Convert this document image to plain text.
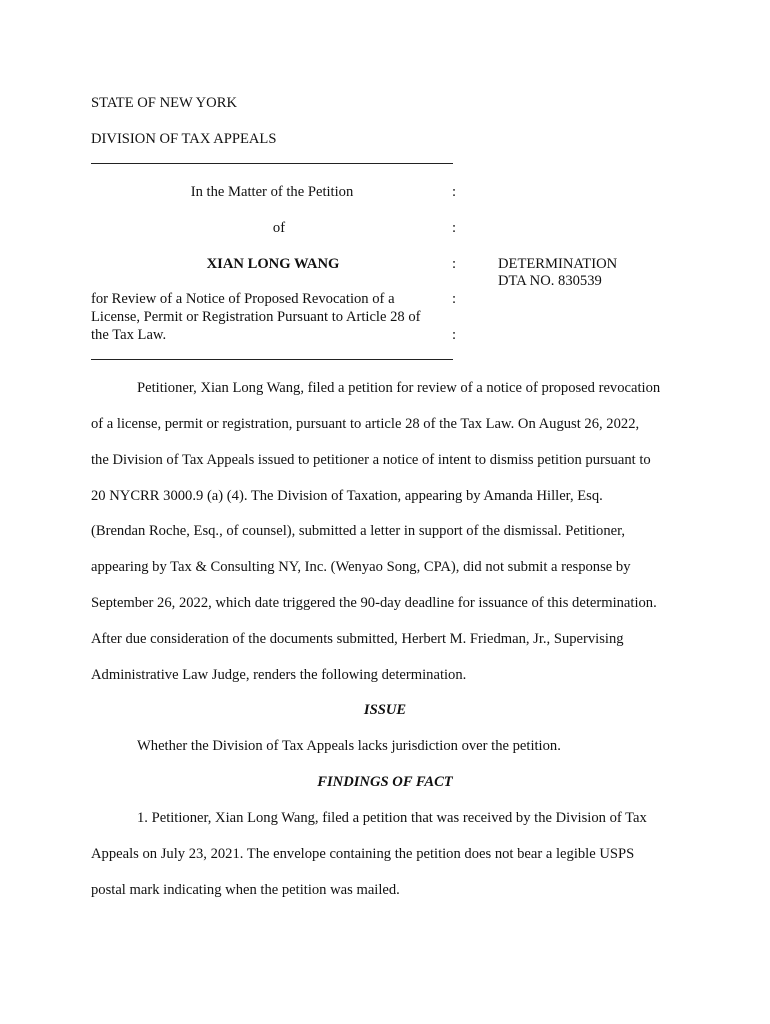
STATE OF NEW YORK
DIVISION OF TAX APPEALS
In the Matter of the Petition	:
of	:
XIAN LONG WANG	:	DETERMINATION
DTA NO. 830539
for Review of a Notice of Proposed Revocation of a	:
License, Permit or Registration Pursuant to Article 28 of
the Tax Law.	:
Petitioner, Xian Long Wang, filed a petition for review of a notice of proposed revocation
of a license, permit or registration, pursuant to article 28 of the Tax Law. On August 26, 2022,
the Division of Tax Appeals issued to petitioner a notice of intent to dismiss petition pursuant to
20 NYCRR 3000.9 (a) (4). The Division of Taxation, appearing by Amanda Hiller, Esq.
(Brendan Roche, Esq., of counsel), submitted a letter in support of the dismissal. Petitioner,
appearing by Tax & Consulting NY, Inc. (Wenyao Song, CPA), did not submit a response by
September 26, 2022, which date triggered the 90-day deadline for issuance of this determination.
After due consideration of the documents submitted, Herbert M. Friedman, Jr., Supervising
Administrative Law Judge, renders the following determination.
ISSUE
Whether the Division of Tax Appeals lacks jurisdiction over the petition.
FINDINGS OF FACT
1. Petitioner, Xian Long Wang, filed a petition that was received by the Division of Tax
Appeals on July 23, 2021. The envelope containing the petition does not bear a legible USPS
postal mark indicating when the petition was mailed.
